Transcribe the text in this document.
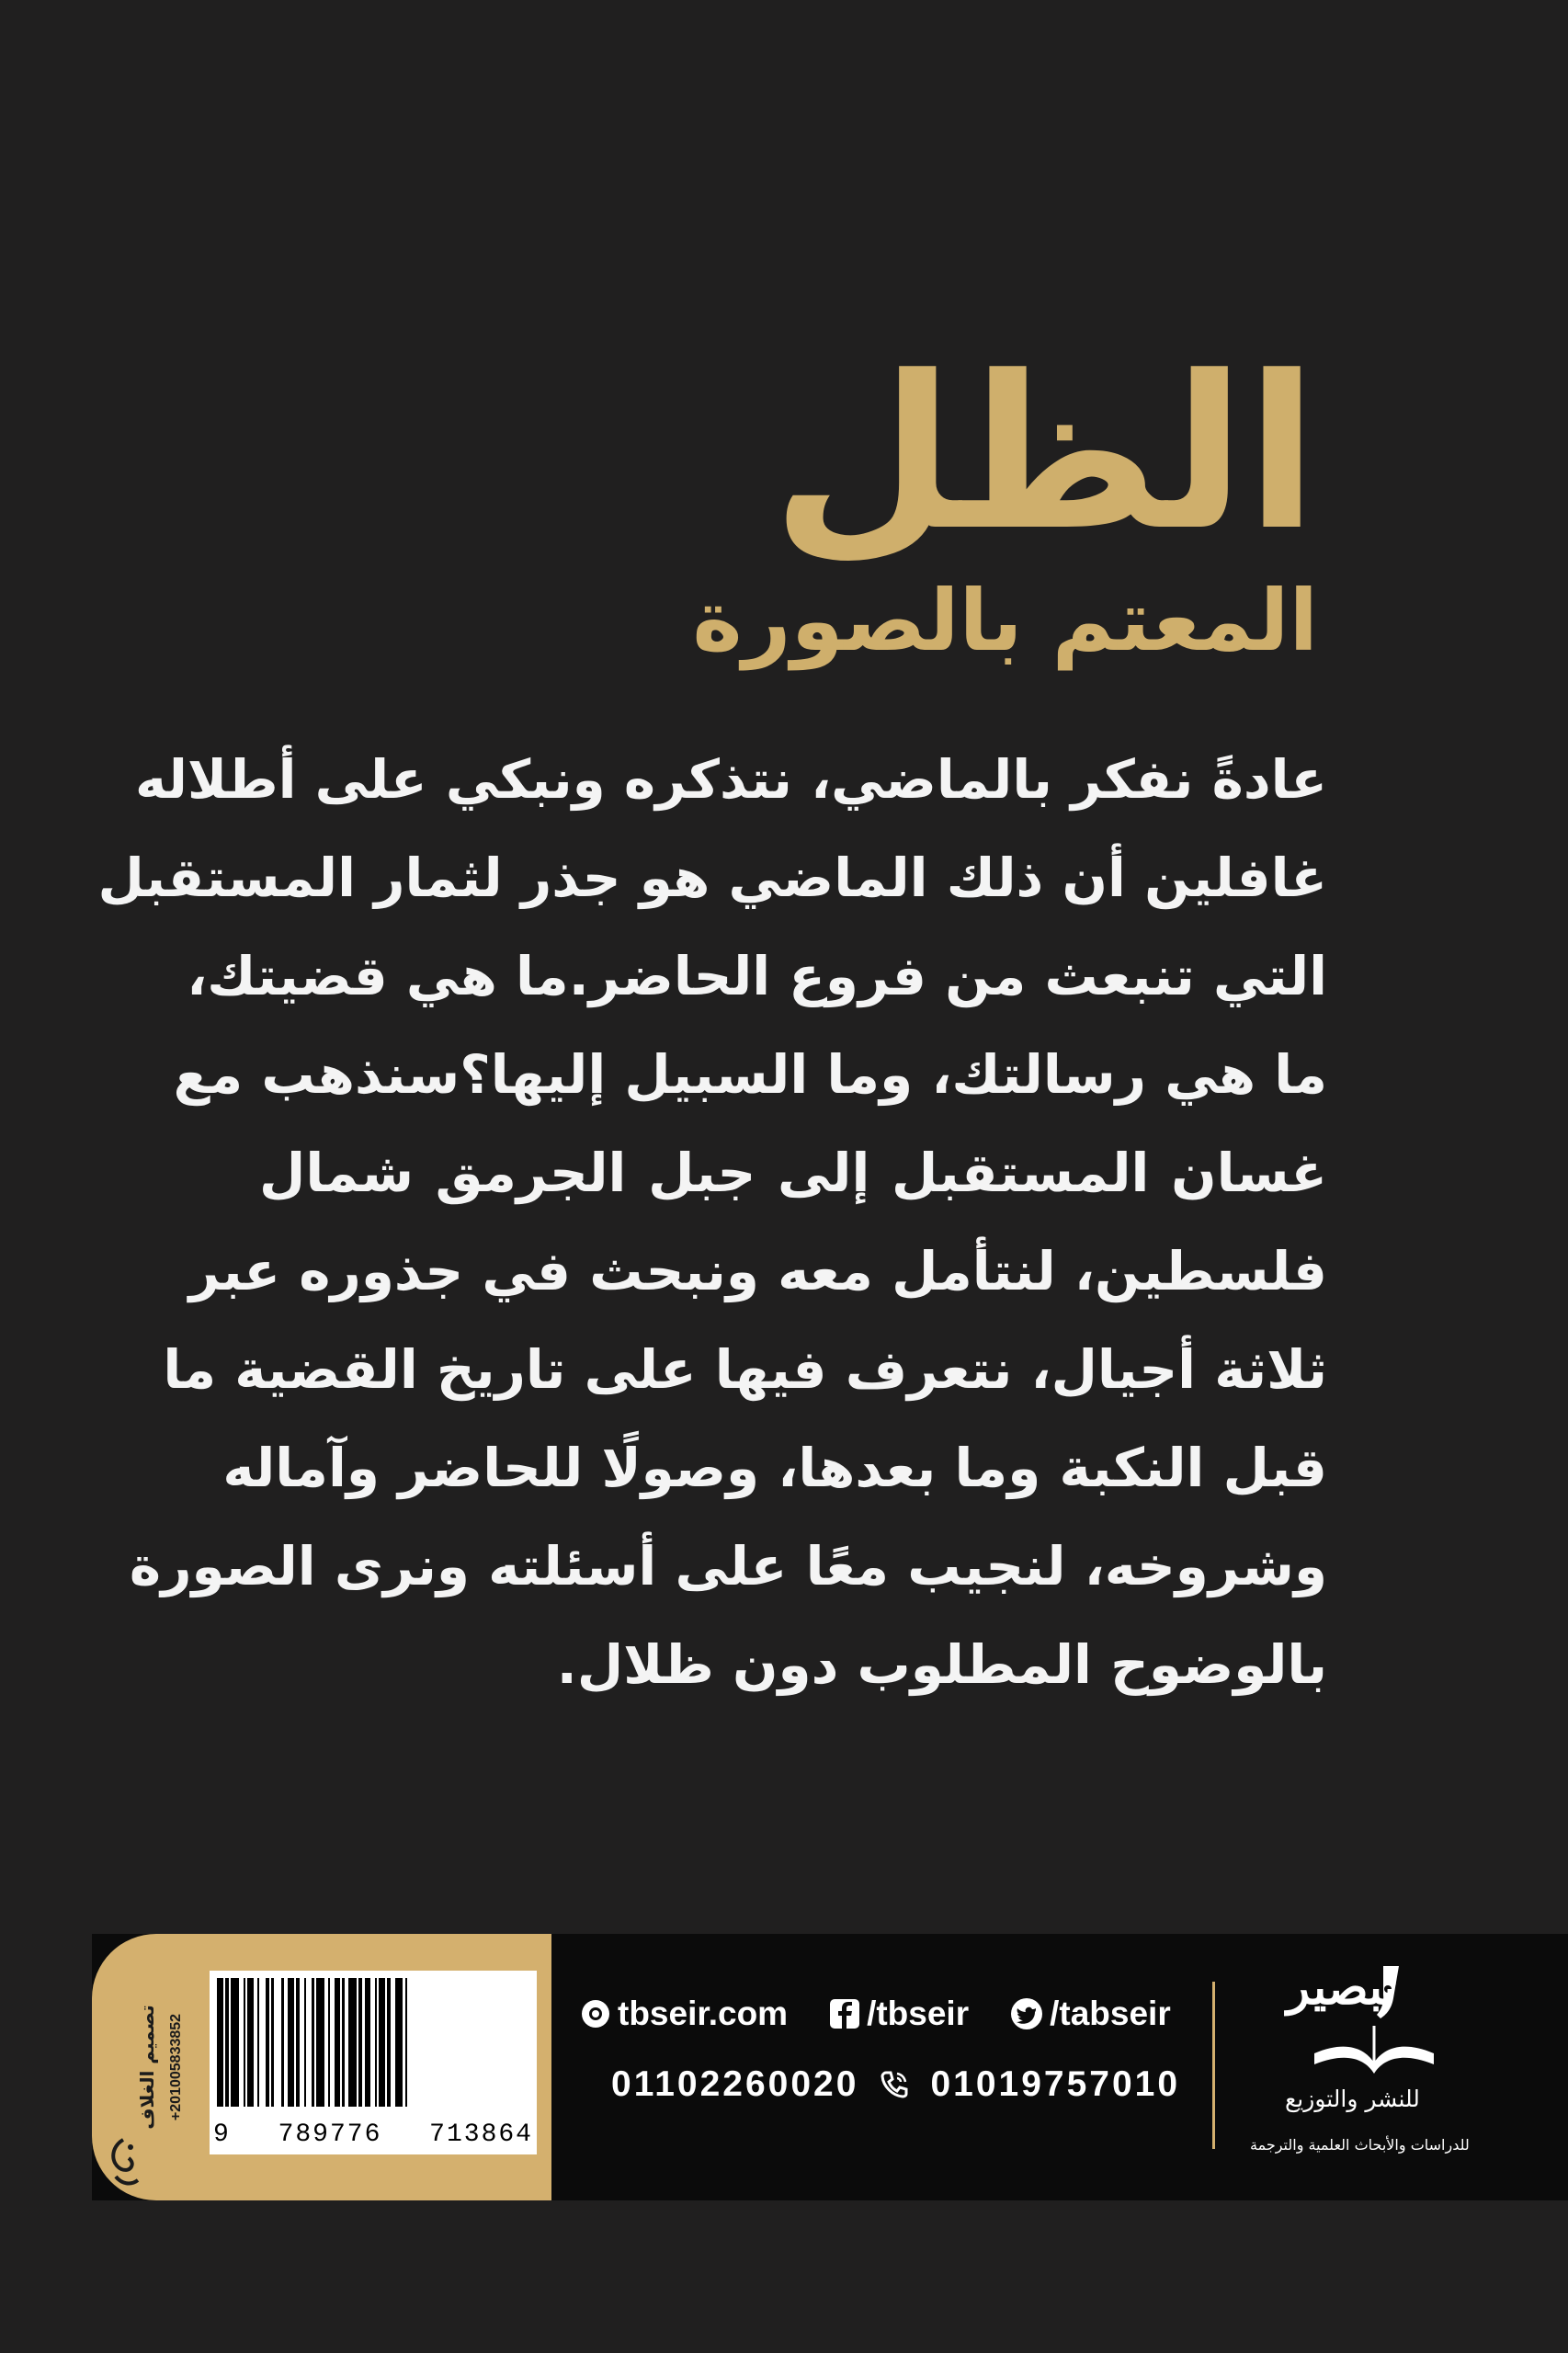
الظل
المعتم بالصورة
عادةً نفكر بالماضي، نتذكره ونبكي على أطلاله
غافلين أن ذلك الماضي هو جذر لثمار المستقبل
التي تنبعث من فروع الحاضر.ما هي قضيتك،
ما هي رسالتك، وما السبيل إليها؟سنذهب مع
غسان المستقبل إلى جبل الجرمق شمال
فلسطين، لنتأمل معه ونبحث في جذوره عبر
ثلاثة أجيال، نتعرف فيها على تاريخ القضية ما
قبل النكبة وما بعدها، وصولًا للحاضر وآماله
وشروخه، لنجيب معًا على أسئلته ونرى الصورة
بالوضوح المطلوب دون ظلال.
تصميم الغلاف +201005833852
9 789776 713864
tbseir.com /tbseir /tabseir
01102260020 01019757010
تبصير
للنشر والتوزيع
للدراسات والأبحاث العلمية والترجمة
